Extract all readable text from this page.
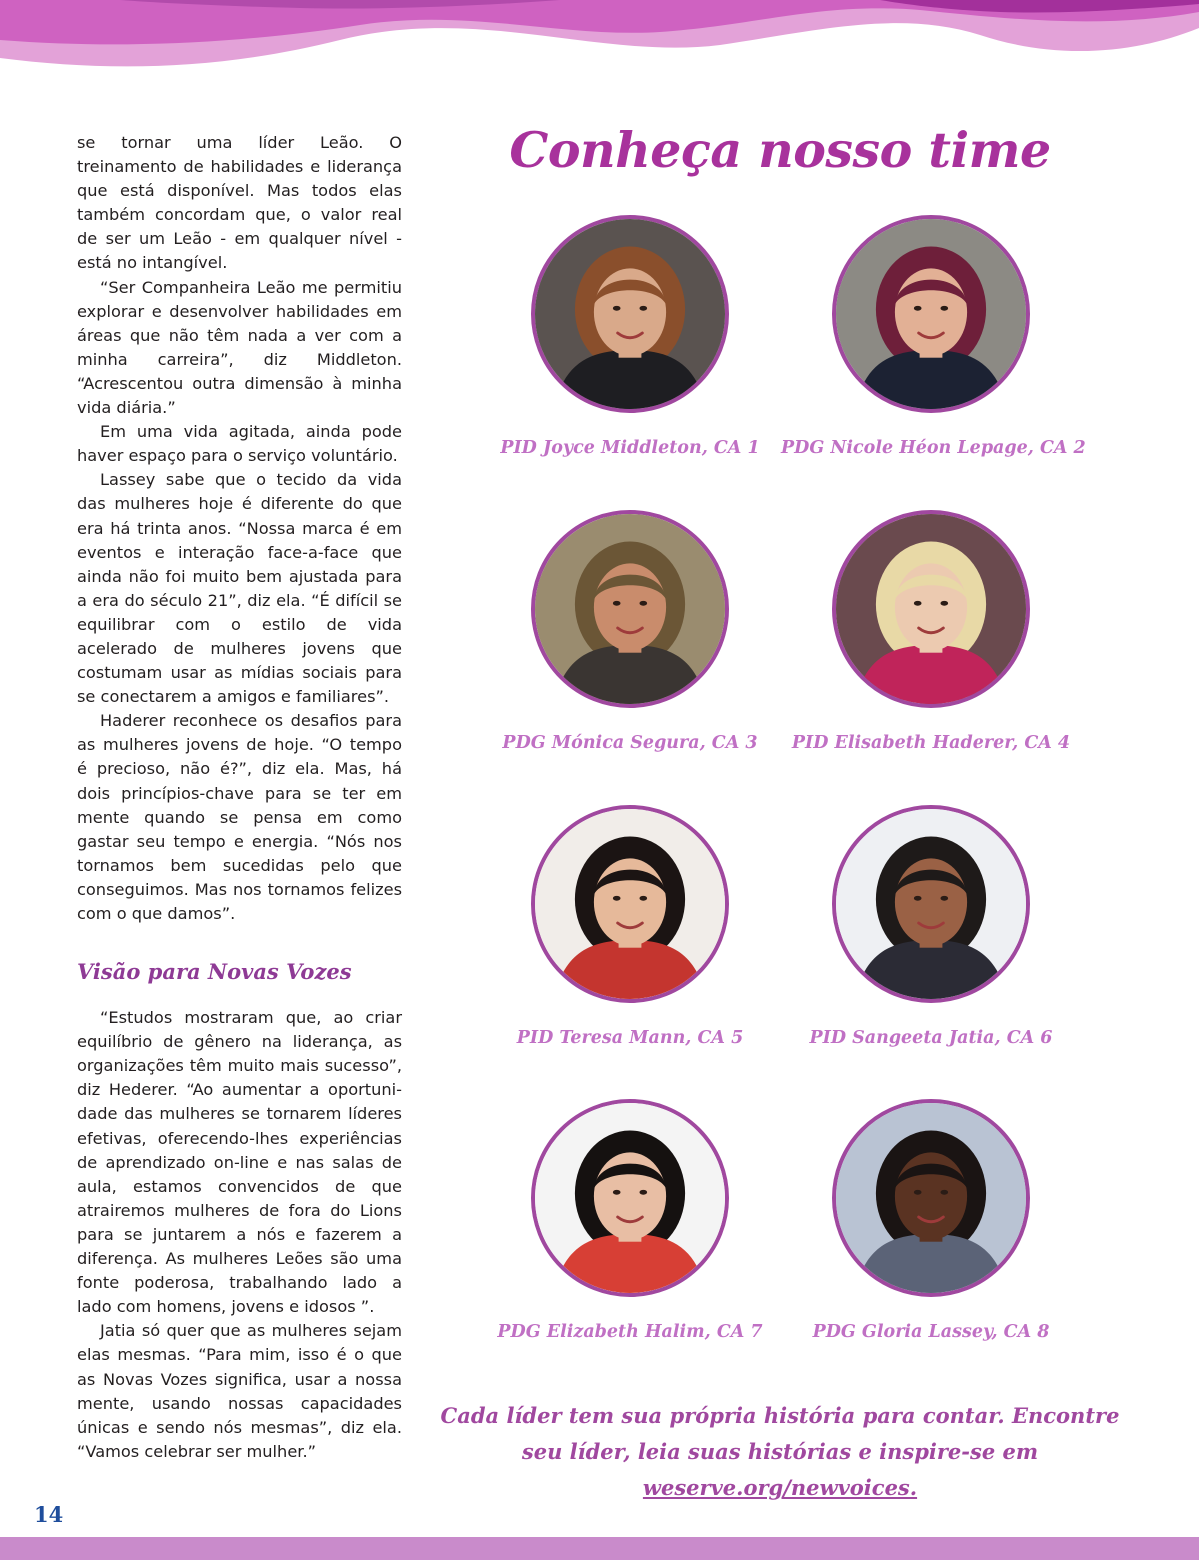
se tornar uma líder Leão. O treinamento de habilidades e liderança que está disponível. Mas todos elas também concordam que, o valor real de ser um Leão - em qualquer nível - está no intangível.

“Ser Companheira Leão me permitiu explorar e desenvolver habilidades em áreas que não têm nada a ver com a minha carreira”, diz Middleton. “Acrescentou outra dimensão à minha vida diária.”

Em uma vida agitada, ainda pode haver espaço para o serviço voluntário.

Lassey sabe que o tecido da vida das mulheres hoje é diferente do que era há trinta anos. “Nossa marca é em eventos e interação face-a-face que ainda não foi muito bem ajustada para a era do século 21”, diz ela. “É difícil se equilibrar com o estilo de vida acelerado de mulheres jovens que costumam usar as mídias sociais para se conectarem a amigos e familiares”.

Haderer reconhece os desafios para as mulheres jovens de hoje. “O tempo é precioso, não é?”, diz ela. Mas, há dois princípios-chave para se ter em mente quando se pensa em como gastar seu tempo e energia. “Nós nos tornamos bem sucedidas pelo que conseguimos. Mas nos tornamos felizes com o que damos”.

Visão para Novas Vozes

“Estudos mostraram que, ao criar equilíbrio de gênero na liderança, as organizações têm muito mais sucesso”, diz Hederer. “Ao aumentar a oportunidade das mulheres se tornarem líderes efetivas, oferecendo-lhes experiências de aprendizado on-line e nas salas de aula, estamos convencidos de que atrairemos mulheres de fora do Lions para se juntarem a nós e fazerem a diferença. As mulheres Leões são uma fonte poderosa, trabalhando lado a lado com homens, jovens e idosos ”.

Jatia só quer que as mulheres sejam elas mesmas. “Para mim, isso é o que as Novas Vozes significa, usar a nossa mente, usando nossas capacidades únicas e sendo nós mesmas”, diz ela. “Vamos celebrar ser mulher.”

Conheça nosso time
PID Joyce Middleton, CA 1	PDG Nicole Héon Lepage, CA 2
PDG Mónica Segura, CA 3	PID Elisabeth Haderer, CA 4
PID Teresa Mann, CA 5	PID Sangeeta Jatia, CA 6
PDG Elizabeth Halim, CA 7	PDG Gloria Lassey, CA 8
Cada líder tem sua própria história para contar. Encontre seu líder, leia suas histórias e inspire-se em weserve.org/newvoices.
14
